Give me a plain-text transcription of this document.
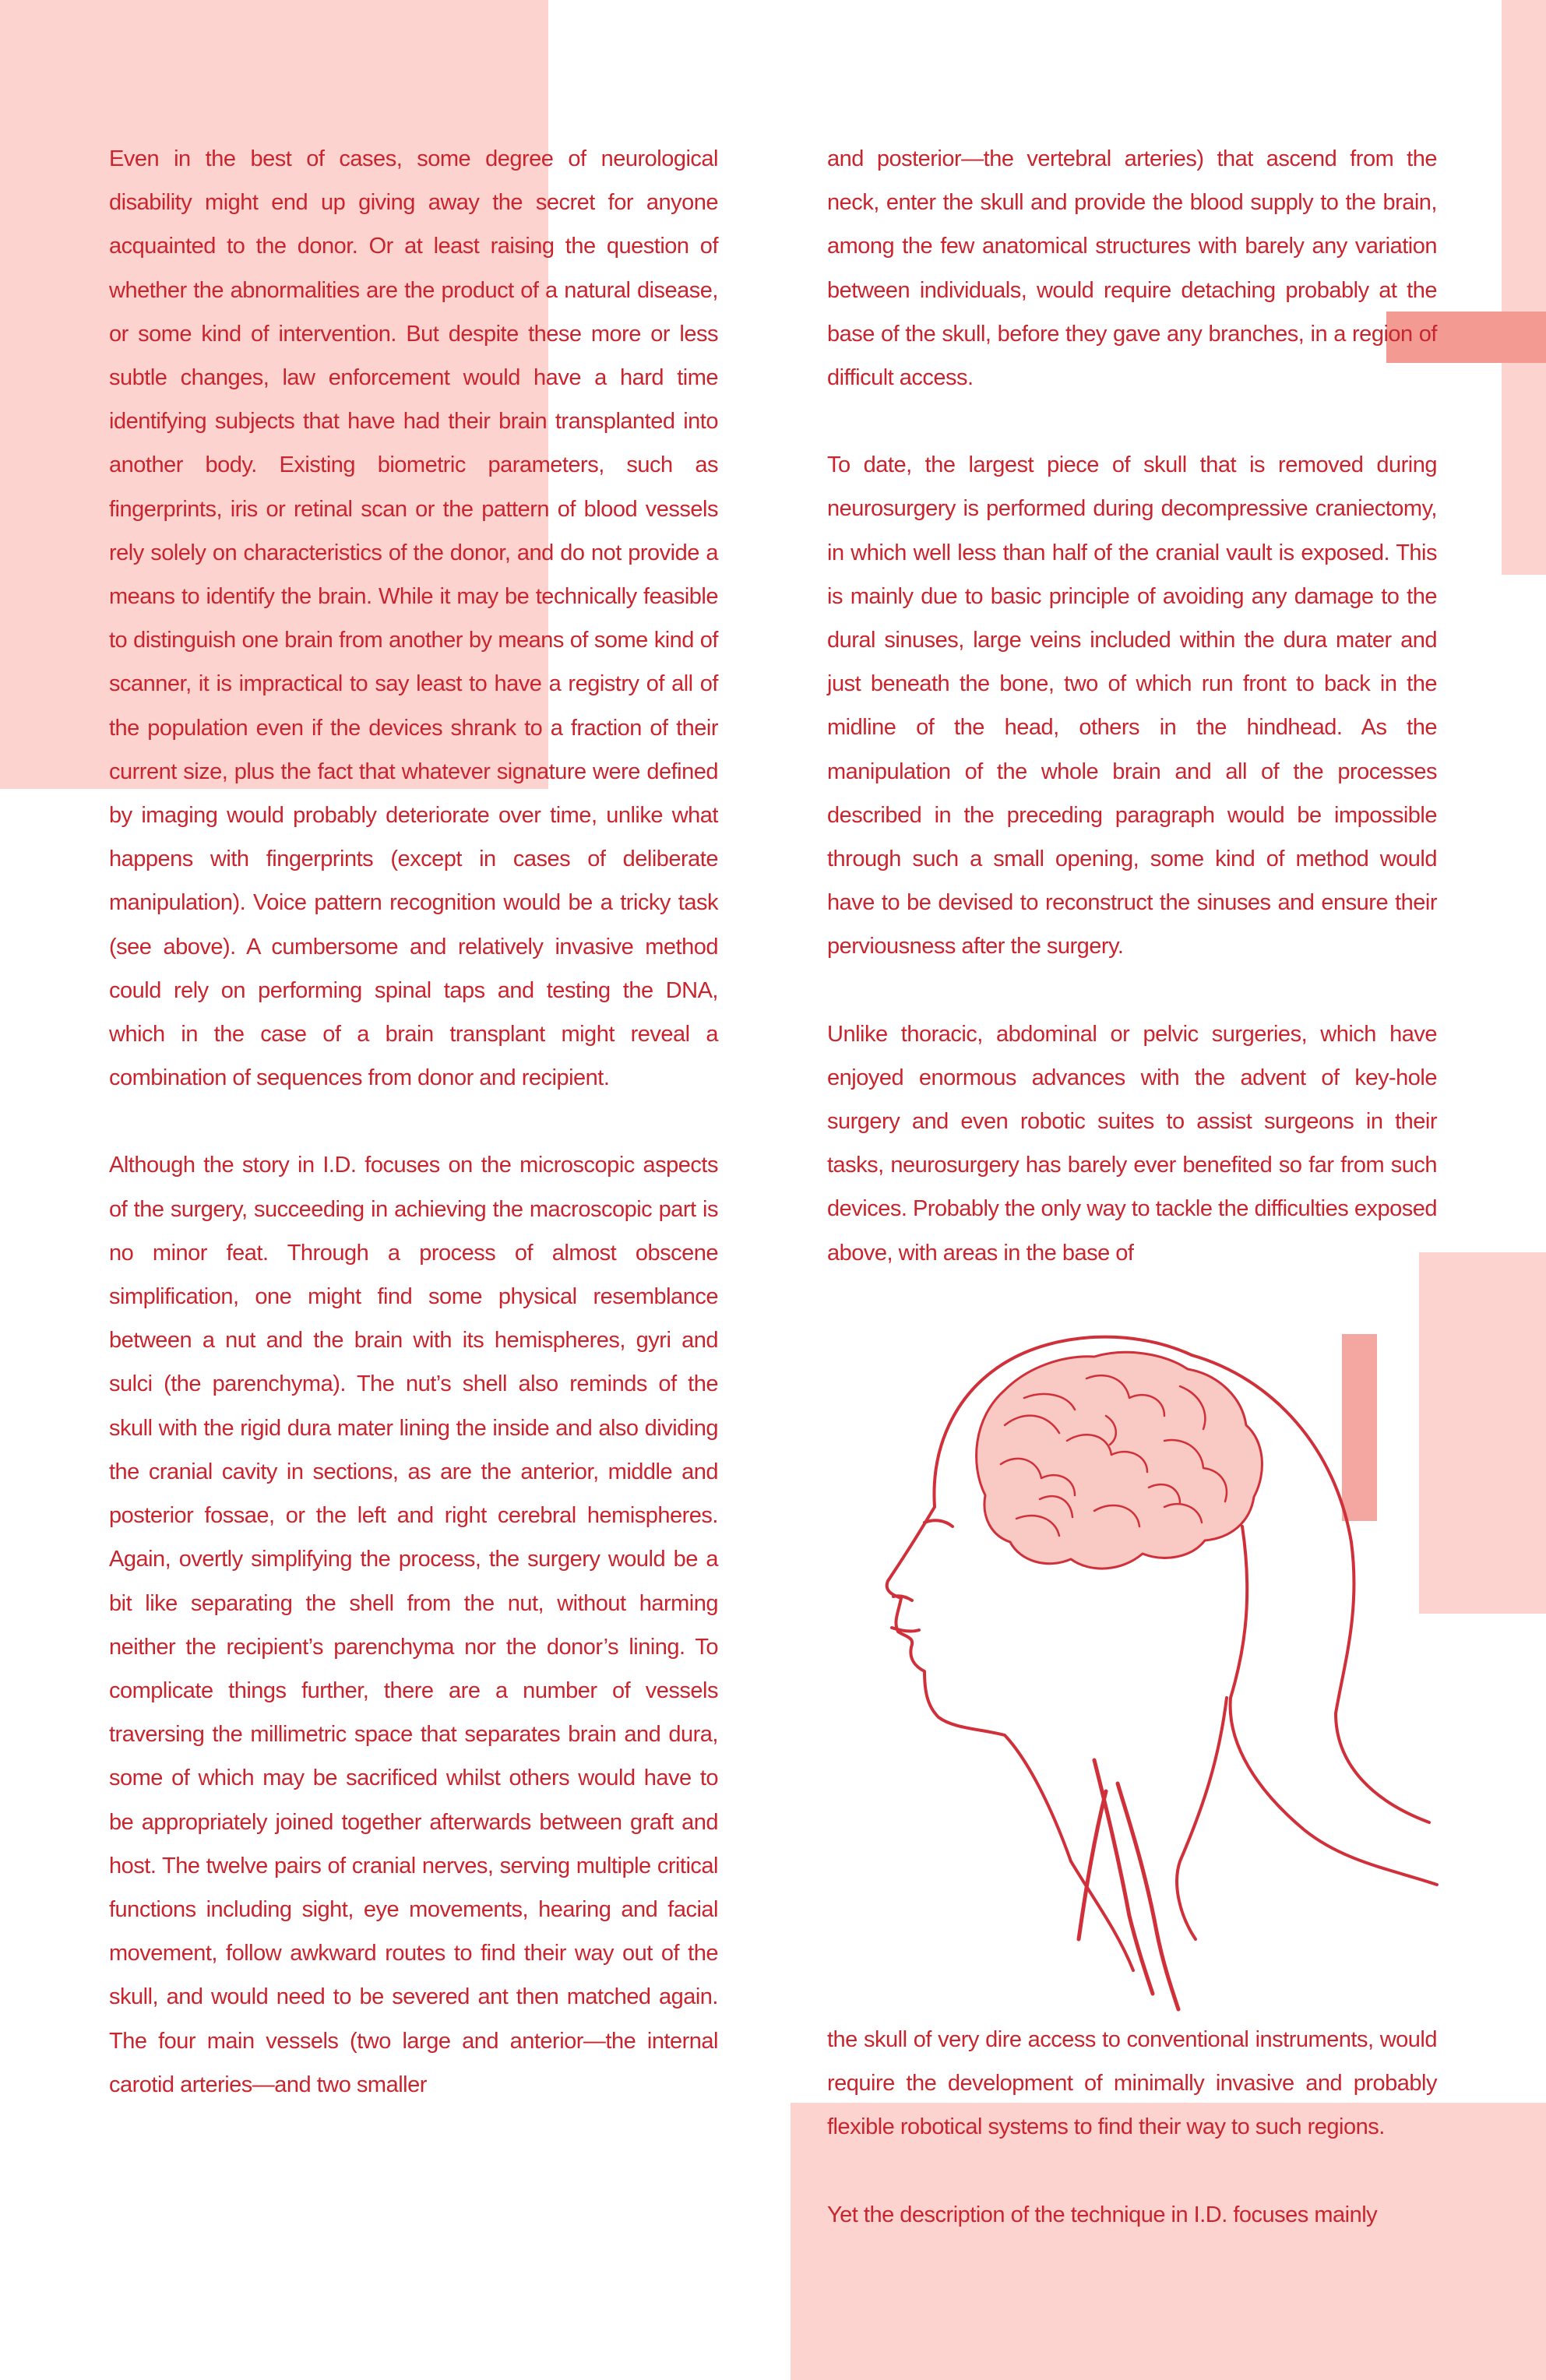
Even in the best of cases, some degree of neurological disability might end up giving away the secret for anyone acquainted to the donor. Or at least raising the question of whether the abnormalities are the product of a natural disease, or some kind of intervention. But despite these more or less subtle changes, law enforcement would have a hard time identifying subjects that have had their brain transplanted into another body. Existing biometric parameters, such as fingerprints, iris or retinal scan or the pattern of blood vessels rely solely on characteristics of the donor, and do not provide a means to identify the brain. While it may be technically feasible to distinguish one brain from another by means of some kind of scanner, it is impractical to say least to have a registry of all of the population even if the devices shrank to a fraction of their current size, plus the fact that whatever signature were defined by imaging would probably deteriorate over time, unlike what happens with fingerprints (except in cases of deliberate manipulation). Voice pattern recognition would be a tricky task (see above). A cumbersome and relatively invasive method could rely on performing spinal taps and testing the DNA, which in the case of a brain transplant might reveal a combination of sequences from donor and recipient.

Although the story in I.D. focuses on the microscopic aspects of the surgery, succeeding in achieving the macroscopic part is no minor feat. Through a process of almost obscene simplification, one might find some physical resemblance between a nut and the brain with its hemispheres, gyri and sulci (the parenchyma). The nut’s shell also reminds of the skull with the rigid dura mater lining the inside and also dividing the cranial cavity in sections, as are the anterior, middle and posterior fossae, or the left and right cerebral hemispheres. Again, overtly simplifying the process, the surgery would be a bit like separating the shell from the nut, without harming neither the recipient’s parenchyma nor the donor’s lining. To complicate things further, there are a number of vessels traversing the millimetric space that separates brain and dura, some of which may be sacrificed whilst others would have to be appropriately joined together afterwards between graft and host. The twelve pairs of cranial nerves, serving multiple critical functions including sight, eye movements, hearing and facial movement, follow awkward routes to find their way out of the skull, and would need to be severed ant then matched again. The four main vessels (two large and anterior—the internal carotid arteries—and two smaller

and posterior—the vertebral arteries) that ascend from the neck, enter the skull and provide the blood supply to the brain, among the few anatomical structures with barely any variation between individuals, would require detaching probably at the base of the skull, before they gave any branches, in a region of difficult access.

To date, the largest piece of skull that is removed during neurosurgery is performed during decompressive craniectomy, in which well less than half of the cranial vault is exposed. This is mainly due to basic principle of avoiding any damage to the dural sinuses, large veins included within the dura mater and just beneath the bone, two of which run front to back in the midline of the head, others in the hindhead. As the manipulation of the whole brain and all of the processes described in the preceding paragraph would be impossible through such a small opening, some kind of method would have to be devised to reconstruct the sinuses and ensure their perviousness after the surgery.

Unlike thoracic, abdominal or pelvic surgeries, which have enjoyed enormous advances with the advent of key-hole surgery and even robotic suites to assist surgeons in their tasks, neurosurgery has barely ever benefited so far from such devices. Probably the only way to tackle the difficulties exposed above, with areas in the base of

the skull of very dire access to conventional instruments, would require the development of minimally invasive and probably flexible robotical systems to find their way to such regions.

Yet the description of the technique in I.D. focuses mainly
